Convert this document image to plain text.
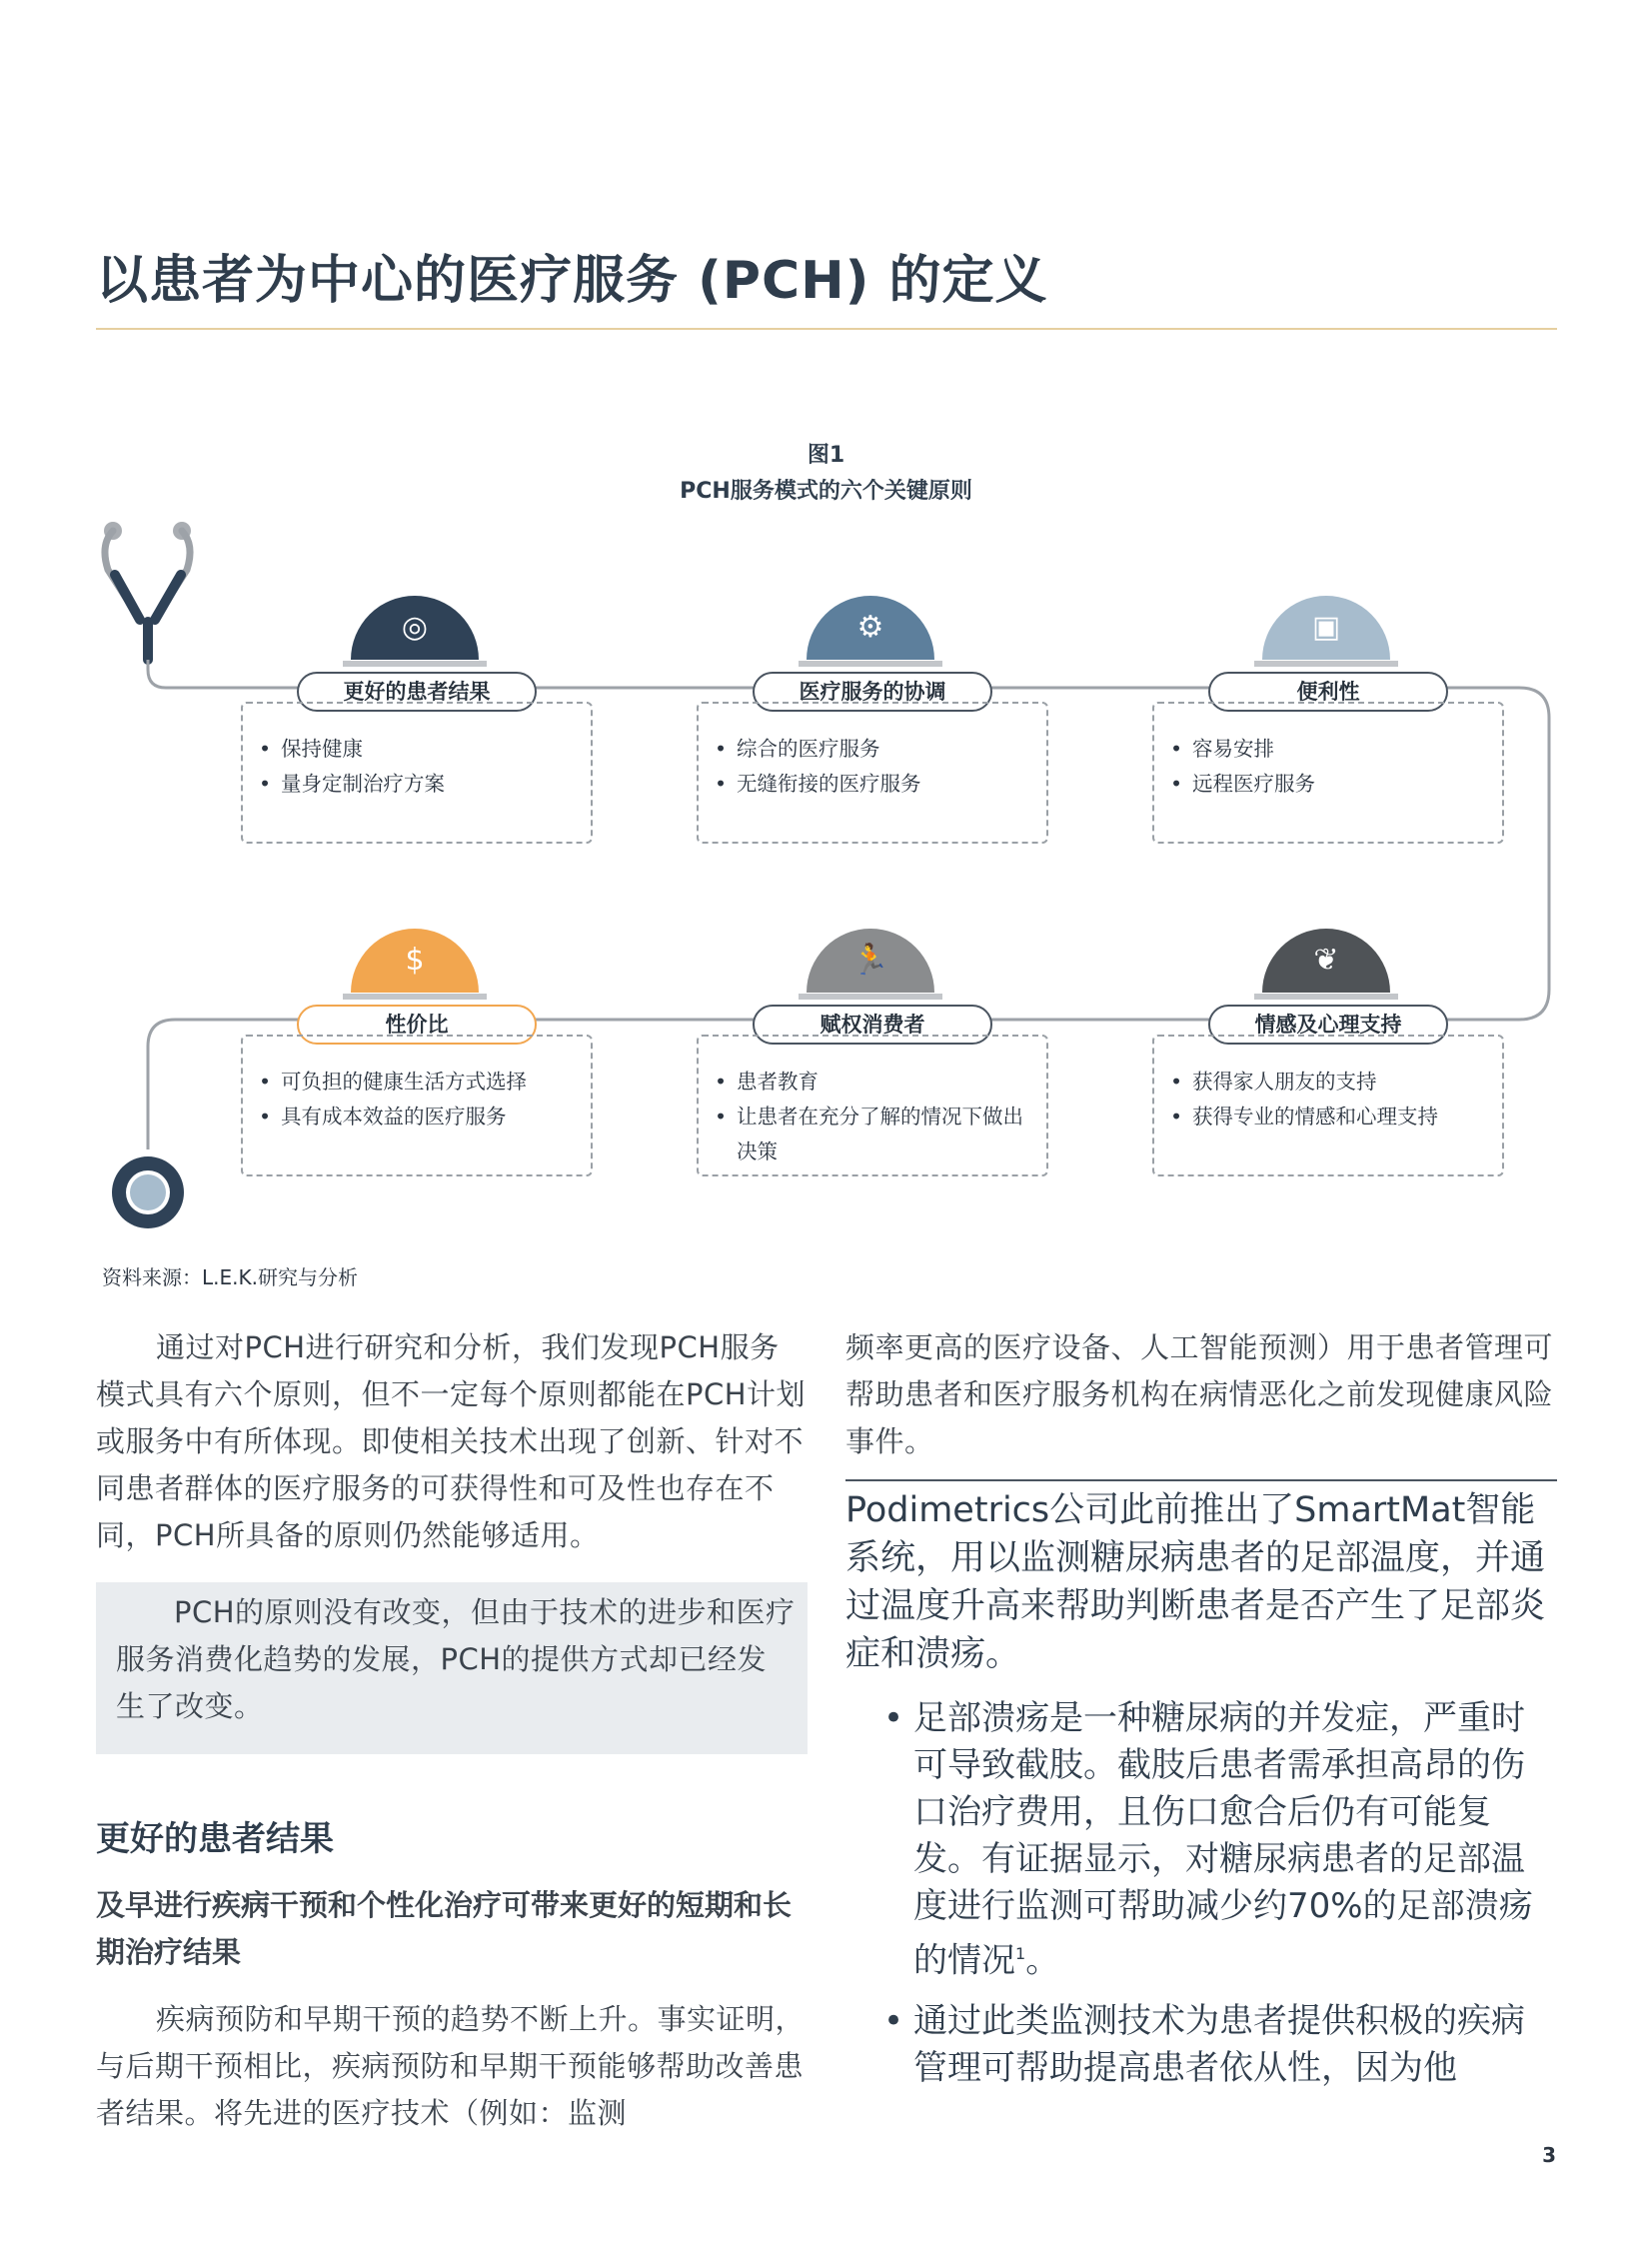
以患者为中心的医疗服务 (PCH) 的定义
图1
PCH服务模式的六个关键原则
◎
更好的患者结果
• 保持健康
• 量身定制治疗方案
⚙
医疗服务的协调
• 综合的医疗服务
• 无缝衔接的医疗服务
▣
便利性
• 容易安排
• 远程医疗服务
$
性价比
• 可负担的健康生活方式选择
• 具有成本效益的医疗服务
🏃
赋权消费者
• 患者教育
• 让患者在充分了解的情况下做出决策
❦
情感及心理支持
• 获得家人朋友的支持
• 获得专业的情感和心理支持
资料来源：L.E.K.研究与分析
通过对PCH进行研究和分析，我们发现PCH服务模式具有六个原则，但不一定每个原则都能在PCH计划或服务中有所体现。即使相关技术出现了创新、针对不同患者群体的医疗服务的可获得性和可及性也存在不同，PCH所具备的原则仍然能够适用。
PCH的原则没有改变，但由于技术的进步和医疗服务消费化趋势的发展，PCH的提供方式却已经发生了改变。
更好的患者结果
及早进行疾病干预和个性化治疗可带来更好的短期和长期治疗结果
疾病预防和早期干预的趋势不断上升。事实证明，与后期干预相比，疾病预防和早期干预能够帮助改善患者结果。将先进的医疗技术（例如：监测
频率更高的医疗设备、人工智能预测）用于患者管理可帮助患者和医疗服务机构在病情恶化之前发现健康风险事件。
Podimetrics公司此前推出了SmartMat智能系统，用以监测糖尿病患者的足部温度，并通过温度升高来帮助判断患者是否产生了足部炎症和溃疡。
• 足部溃疡是一种糖尿病的并发症，严重时可导致截肢。截肢后患者需承担高昂的伤口治疗费用，且伤口愈合后仍有可能复发。有证据显示，对糖尿病患者的足部温度进行监测可帮助减少约70%的足部溃疡的情况$^1$。
• 通过此类监测技术为患者提供积极的疾病管理可帮助提高患者依从性，因为他
3
